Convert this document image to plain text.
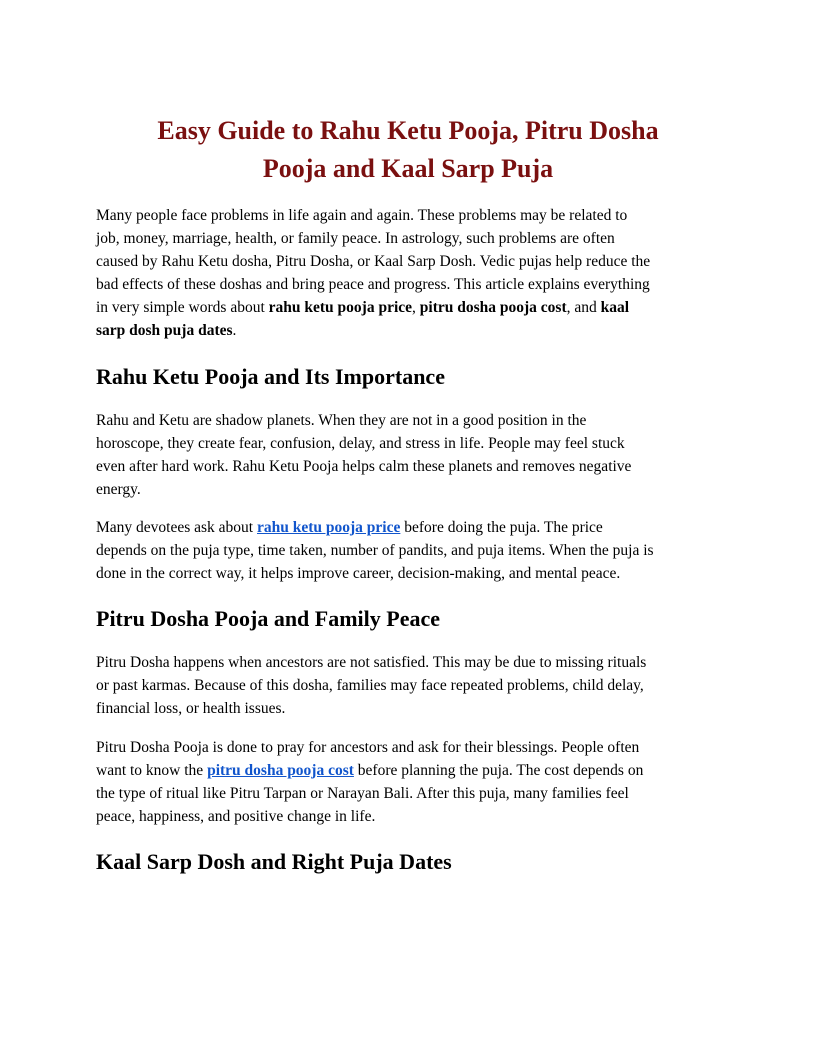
Easy Guide to Rahu Ketu Pooja, Pitru Dosha
Pooja and Kaal Sarp Puja

Many people face problems in life again and again. These problems may be related to
job, money, marriage, health, or family peace. In astrology, such problems are often
caused by Rahu Ketu dosha, Pitru Dosha, or Kaal Sarp Dosh. Vedic pujas help reduce the
bad effects of these doshas and bring peace and progress. This article explains everything
in very simple words about rahu ketu pooja price, pitru dosha pooja cost, and kaal
sarp dosh puja dates.

Rahu Ketu Pooja and Its Importance

Rahu and Ketu are shadow planets. When they are not in a good position in the
horoscope, they create fear, confusion, delay, and stress in life. People may feel stuck
even after hard work. Rahu Ketu Pooja helps calm these planets and removes negative
energy.

Many devotees ask about rahu ketu pooja price before doing the puja. The price
depends on the puja type, time taken, number of pandits, and puja items. When the puja is
done in the correct way, it helps improve career, decision-making, and mental peace.

Pitru Dosha Pooja and Family Peace

Pitru Dosha happens when ancestors are not satisfied. This may be due to missing rituals
or past karmas. Because of this dosha, families may face repeated problems, child delay,
financial loss, or health issues.

Pitru Dosha Pooja is done to pray for ancestors and ask for their blessings. People often
want to know the pitru dosha pooja cost before planning the puja. The cost depends on
the type of ritual like Pitru Tarpan or Narayan Bali. After this puja, many families feel
peace, happiness, and positive change in life.

Kaal Sarp Dosh and Right Puja Dates
